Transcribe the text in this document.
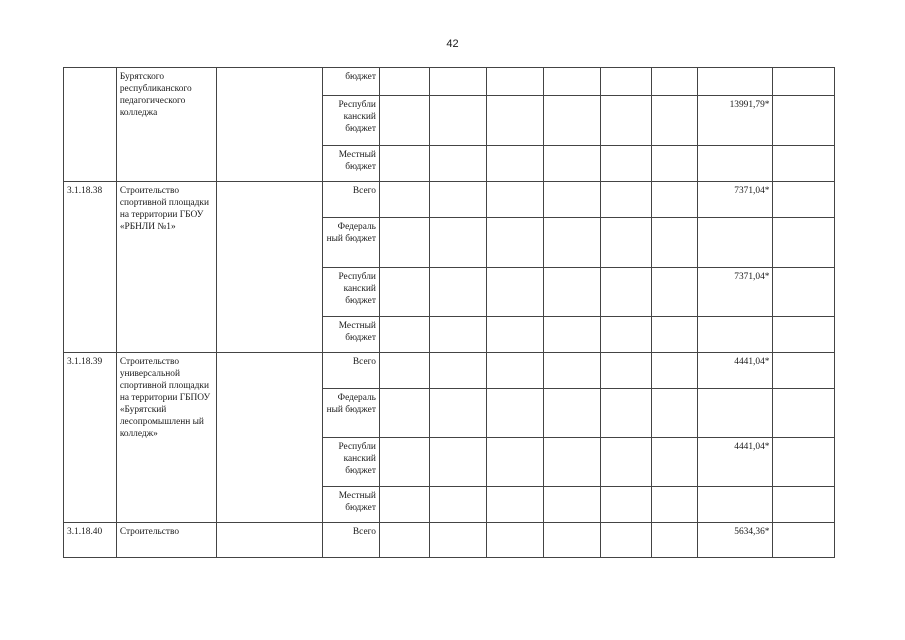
42
	Бурятского республиканского педагогического колледжа		бюджет								
			Республи канский бюджет							13991,79*	
			Местный бюджет								
3.1.18.38	Строительство спортивной площадки на территории ГБОУ «РБНЛИ №1»		Всего							7371,04*	
			Федераль ный бюджет								
			Республи канский бюджет							7371,04*	
			Местный бюджет								
3.1.18.39	Строительство универсальной спортивной площадки на территории ГБПОУ «Бурятский лесопромышленн ый колледж»		Всего							4441,04*	
			Федераль ный бюджет								
			Республи канский бюджет							4441,04*	
			Местный бюджет								
3.1.18.40	Строительство		Всего							5634,36*	
